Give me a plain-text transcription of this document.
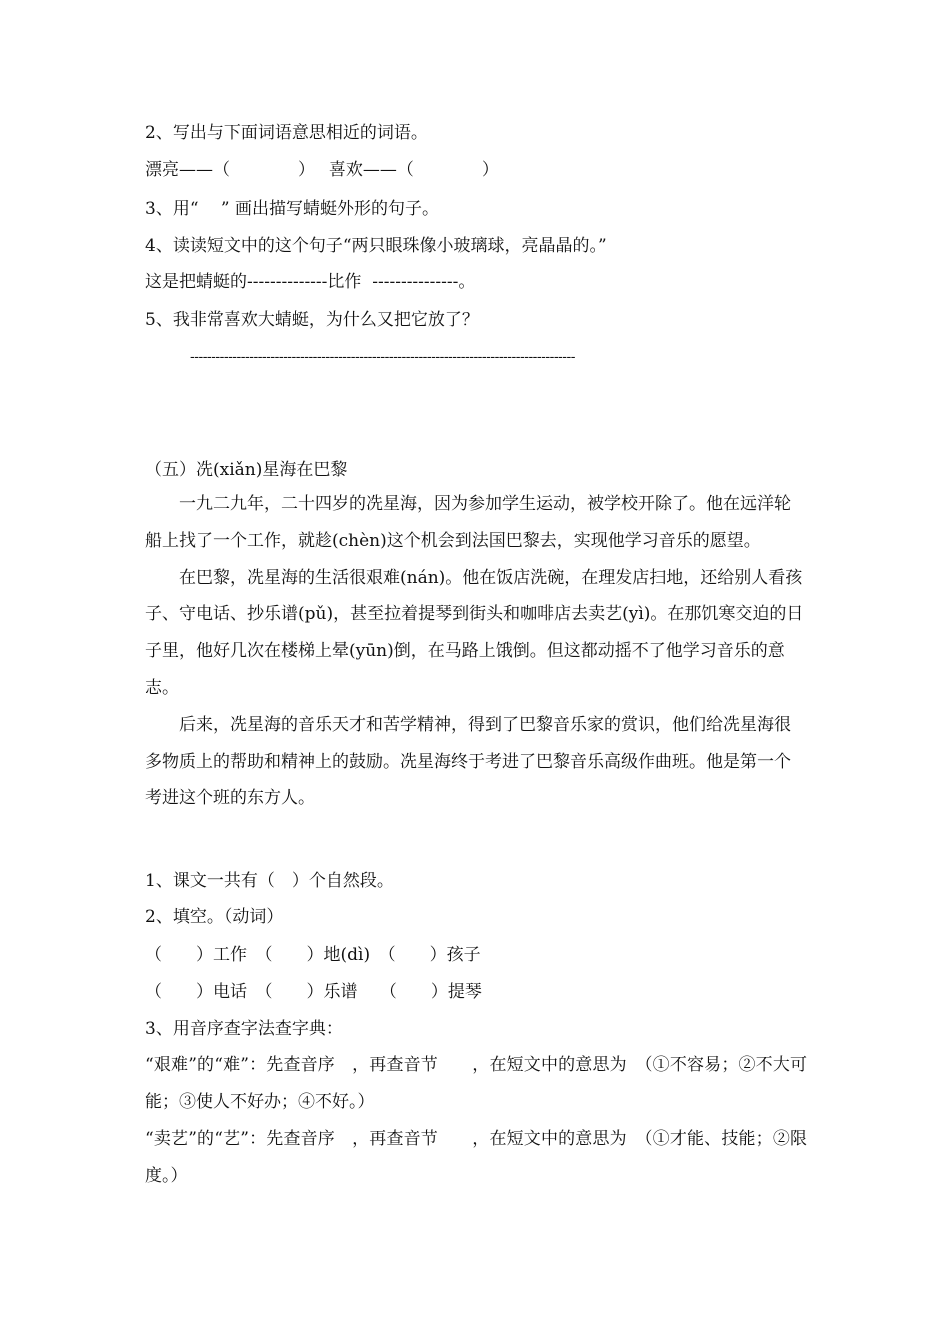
2、写出与下面词语意思相近的词语。
漂亮——（　　　　）　 喜欢——（　　　　）
3、用“　 ” 画出描写蜻蜓外形的句子。
4、读读短文中的这个句子“两只眼珠像小玻璃球，亮晶晶的。”
这是把蜻蜓的--------------比作  ---------------。
5、我非常喜欢大蜻蜓，为什么又把它放了？
-------------------------------------------------------------------------------------------
（五）冼(xiǎn)星海在巴黎

一九二九年，二十四岁的冼星海，因为参加学生运动，被学校开除了。他在远洋轮船上找了一个工作，就趁(chèn)这个机会到法国巴黎去，实现他学习音乐的愿望。

在巴黎，冼星海的生活很艰难(nán)。他在饭店洗碗，在理发店扫地，还给别人看孩子、守电话、抄乐谱(pǔ)，甚至拉着提琴到街头和咖啡店去卖艺(yì)。在那饥寒交迫的日子里，他好几次在楼梯上晕(yūn)倒，在马路上饿倒。但这都动摇不了他学习音乐的意志。

后来，冼星海的音乐天才和苦学精神，得到了巴黎音乐家的赏识，他们给冼星海很多物质上的帮助和精神上的鼓励。冼星海终于考进了巴黎音乐高级作曲班。他是第一个考进这个班的东方人。

1、课文一共有（　）个自然段。
2、填空。（动词）
（　　）工作　（　　）地(dì)　（　　）孩子
（　　）电话　（　　）乐谱　 （　　）提琴
3、用音序查字法查字典：
“艰难”的“难”：先查音序　，再查音节　　，在短文中的意思为　（①不容易；②不大可能；③使人不好办；④不好。）
“卖艺”的“艺”：先查音序　，再查音节　　，在短文中的意思为　（①才能、技能；②限度。）
